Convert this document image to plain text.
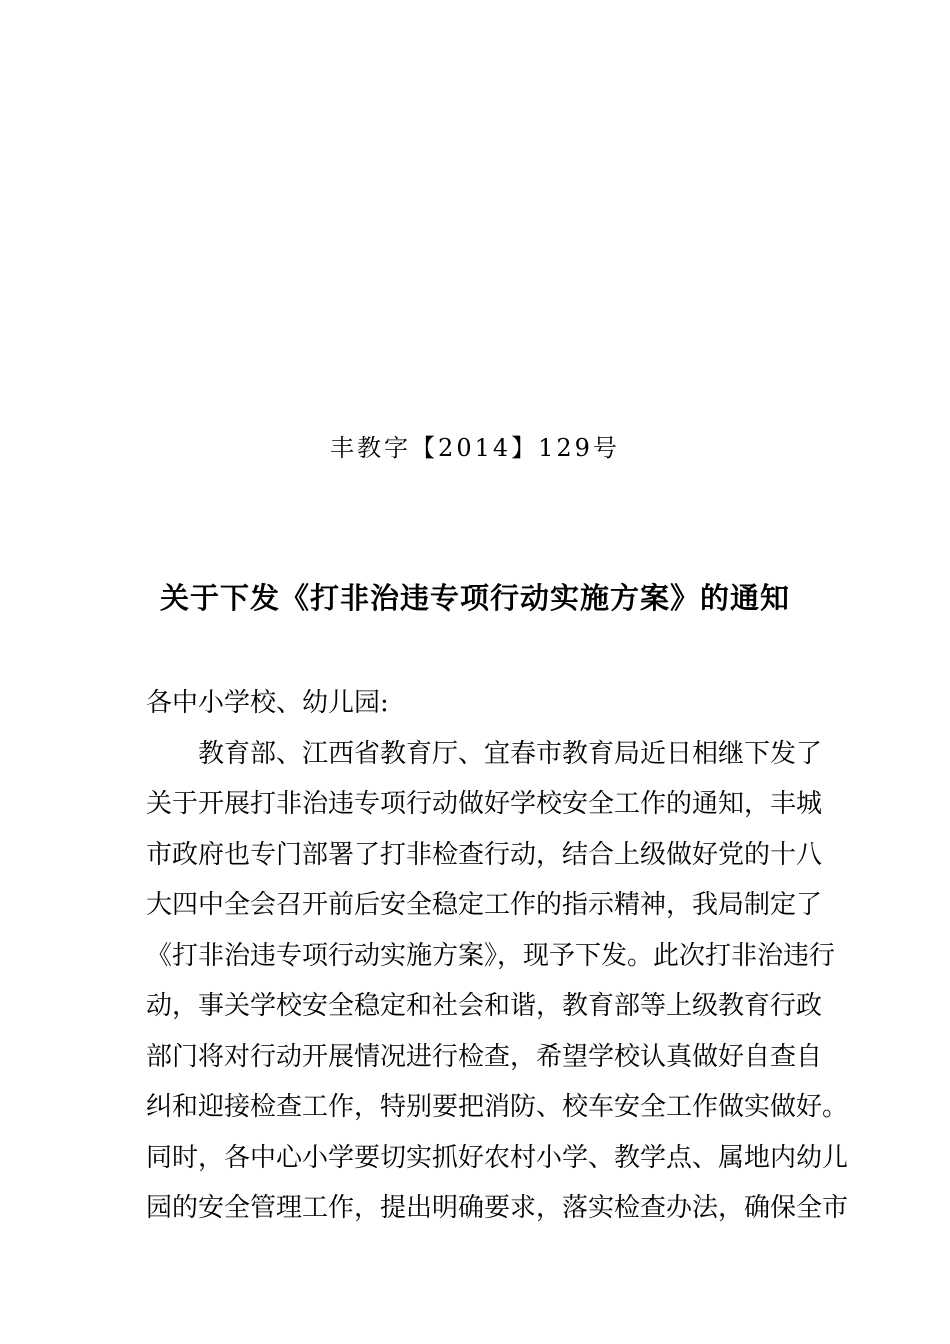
丰教字【2014】129号
关于下发《打非治违专项行动实施方案》的通知

各中小学校、幼儿园:

教育部、江西省教育厅、宜春市教育局近日相继下发了

关于开展打非治违专项行动做好学校安全工作的通知，丰城

市政府也专门部署了打非检查行动，结合上级做好党的十八

大四中全会召开前后安全稳定工作的指示精神，我局制定了

《打非治违专项行动实施方案》，现予下发。此次打非治违行

动，事关学校安全稳定和社会和谐，教育部等上级教育行政

部门将对行动开展情况进行检查，希望学校认真做好自查自

纠和迎接检查工作，特别要把消防、校车安全工作做实做好。

同时，各中心小学要切实抓好农村小学、教学点、属地内幼儿

园的安全管理工作，提出明确要求，落实检查办法，确保全市
